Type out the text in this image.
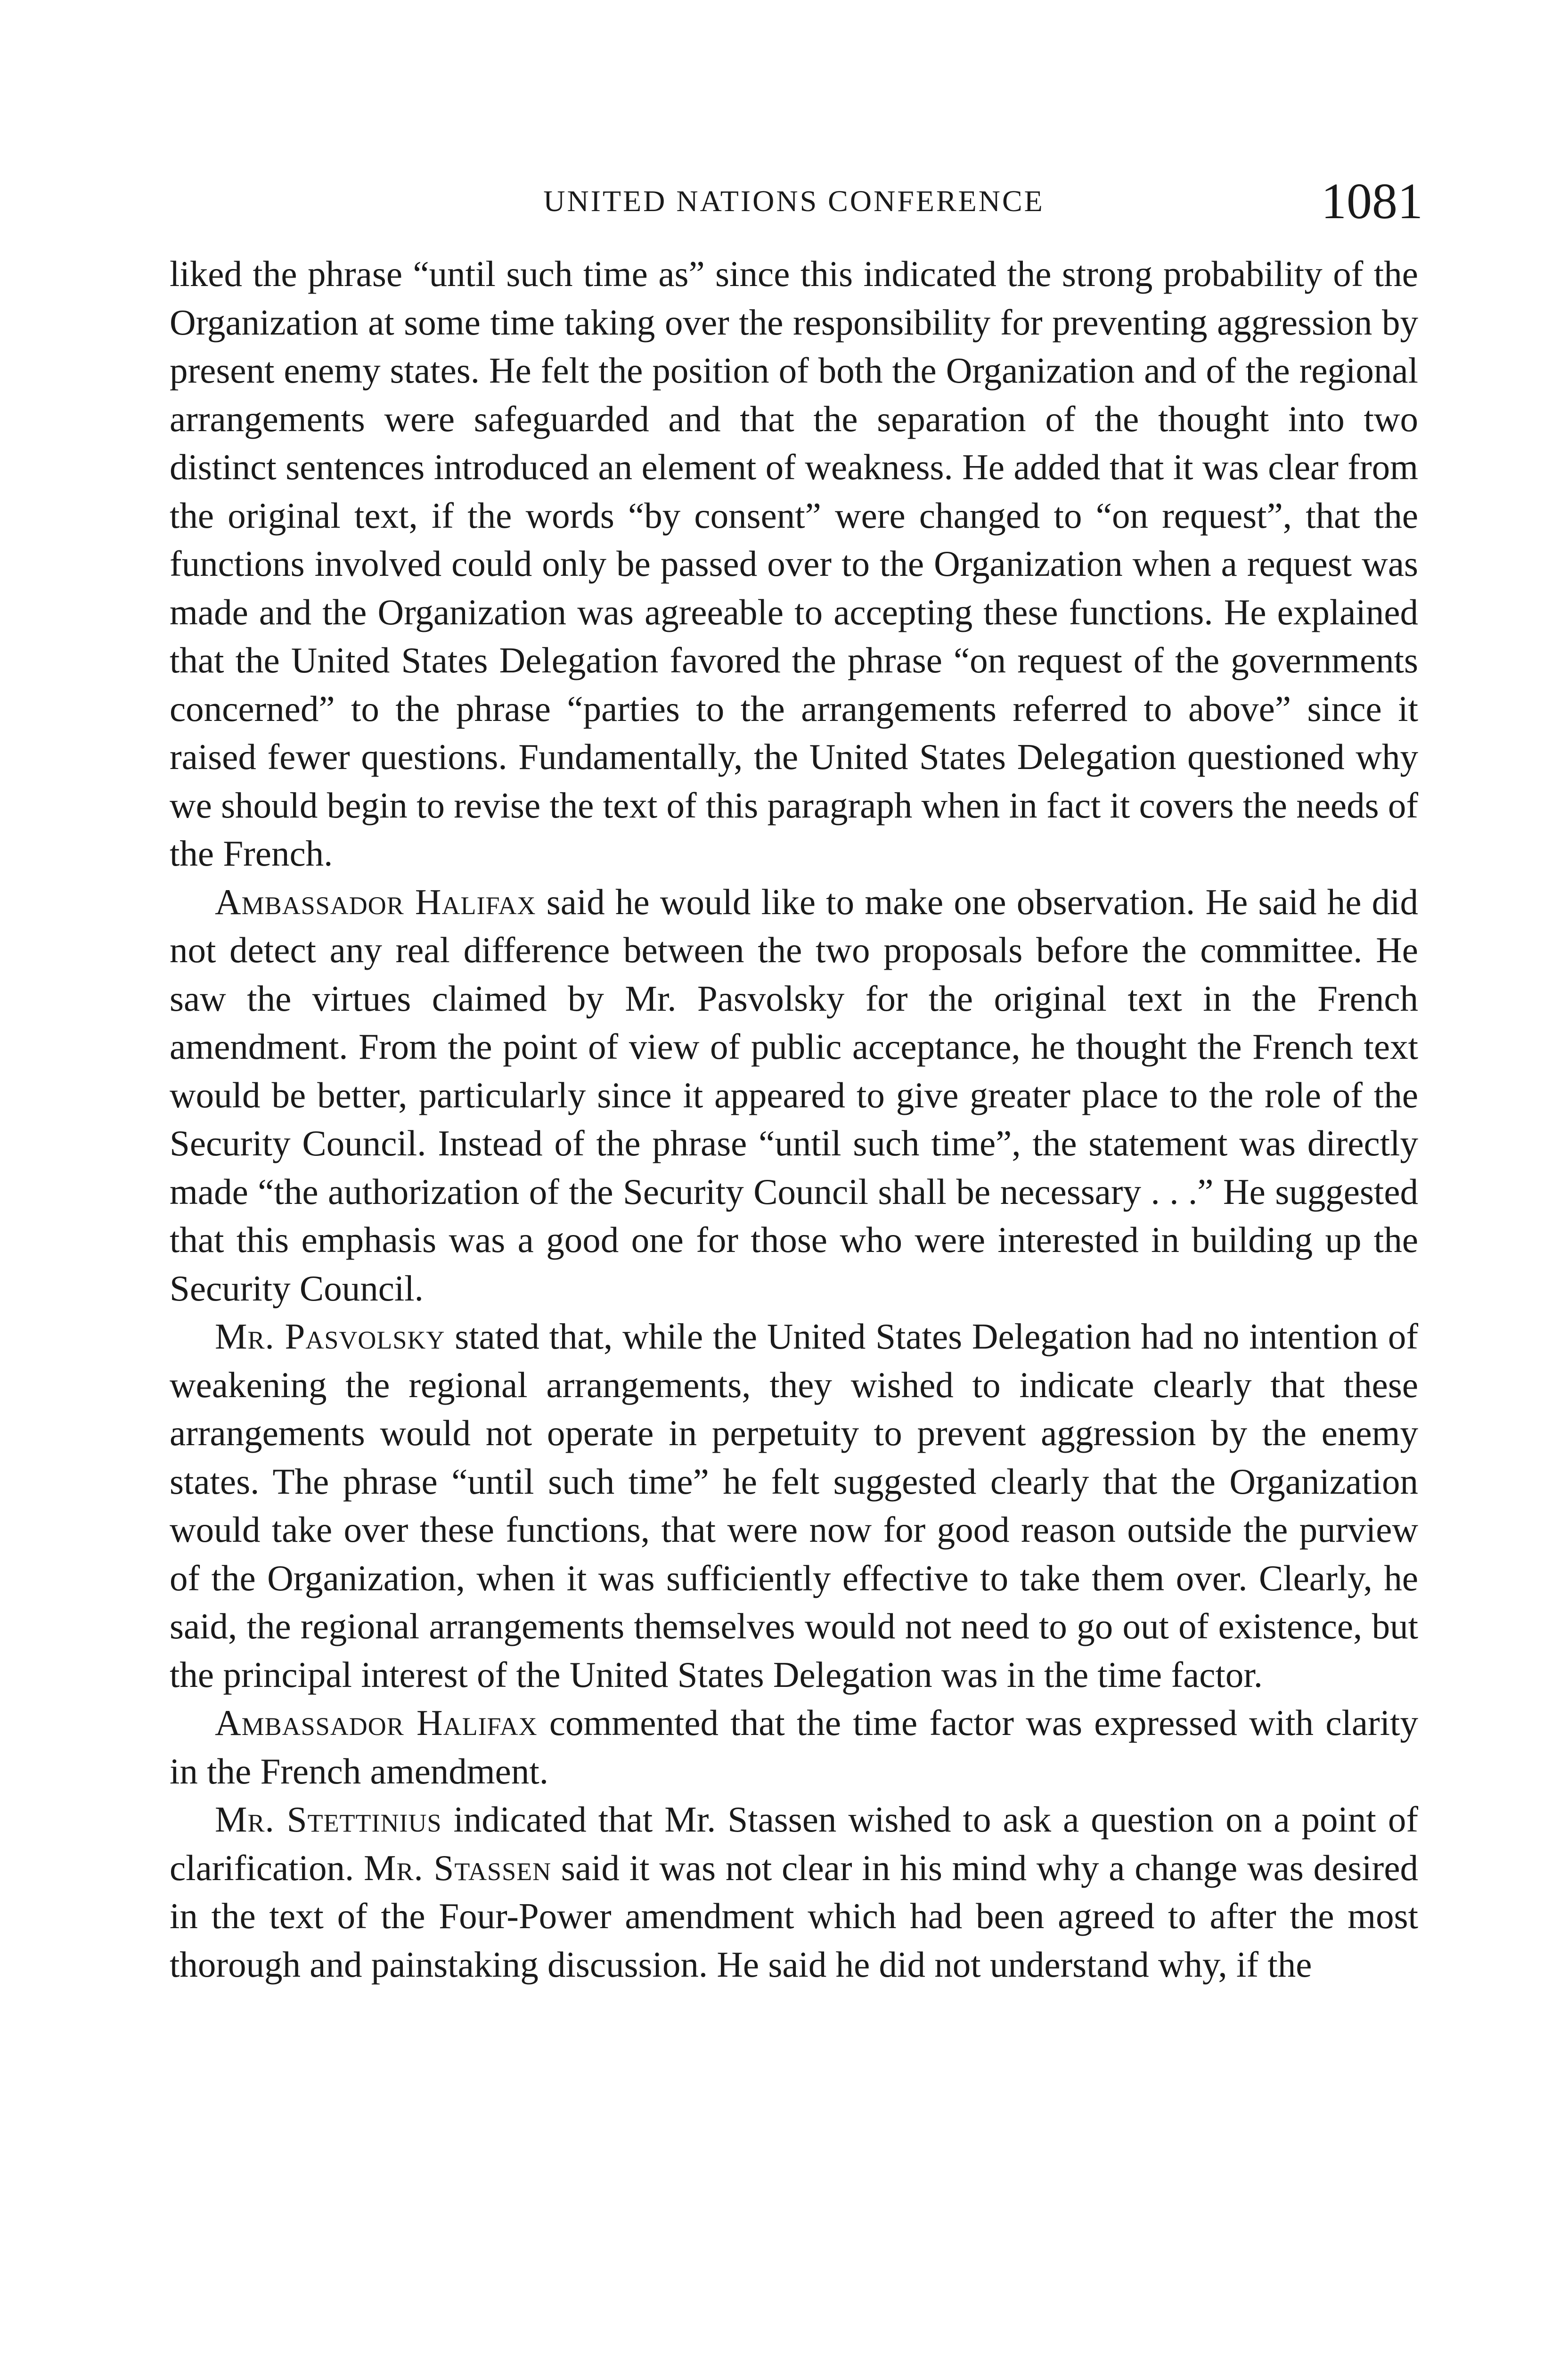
UNITED NATIONS CONFERENCE	1081

liked the phrase “until such time as” since this indicated the strong probability of the Organization at some time taking over the responsibility for preventing aggression by present enemy states. He felt the position of both the Organization and of the regional arrangements were safeguarded and that the separation of the thought into two distinct sentences introduced an element of weakness. He added that it was clear from the original text, if the words “by consent” were changed to “on request”, that the functions involved could only be passed over to the Organization when a request was made and the Organization was agreeable to accepting these functions. He explained that the United States Delegation favored the phrase “on request of the governments concerned” to the phrase “parties to the arrangements referred to above” since it raised fewer questions. Fundamentally, the United States Delegation questioned why we should begin to revise the text of this paragraph when in fact it covers the needs of the French.

Ambassador Halifax said he would like to make one observation. He said he did not detect any real difference between the two proposals before the committee. He saw the virtues claimed by Mr. Pasvolsky for the original text in the French amendment. From the point of view of public acceptance, he thought the French text would be better, particularly since it appeared to give greater place to the role of the Security Council. Instead of the phrase “until such time”, the statement was directly made “the authorization of the Security Council shall be necessary . . .” He suggested that this emphasis was a good one for those who were interested in building up the Security Council.

Mr. Pasvolsky stated that, while the United States Delegation had no intention of weakening the regional arrangements, they wished to indicate clearly that these arrangements would not operate in perpetuity to prevent aggression by the enemy states. The phrase “until such time” he felt suggested clearly that the Organization would take over these functions, that were now for good reason outside the purview of the Organization, when it was sufficiently effective to take them over. Clearly, he said, the regional arrangements themselves would not need to go out of existence, but the principal interest of the United States Delegation was in the time factor.

Ambassador Halifax commented that the time factor was expressed with clarity in the French amendment.

Mr. Stettinius indicated that Mr. Stassen wished to ask a question on a point of clarification. Mr. Stassen said it was not clear in his mind why a change was desired in the text of the Four-Power amendment which had been agreed to after the most thorough and painstaking discussion. He said he did not understand why, if the
